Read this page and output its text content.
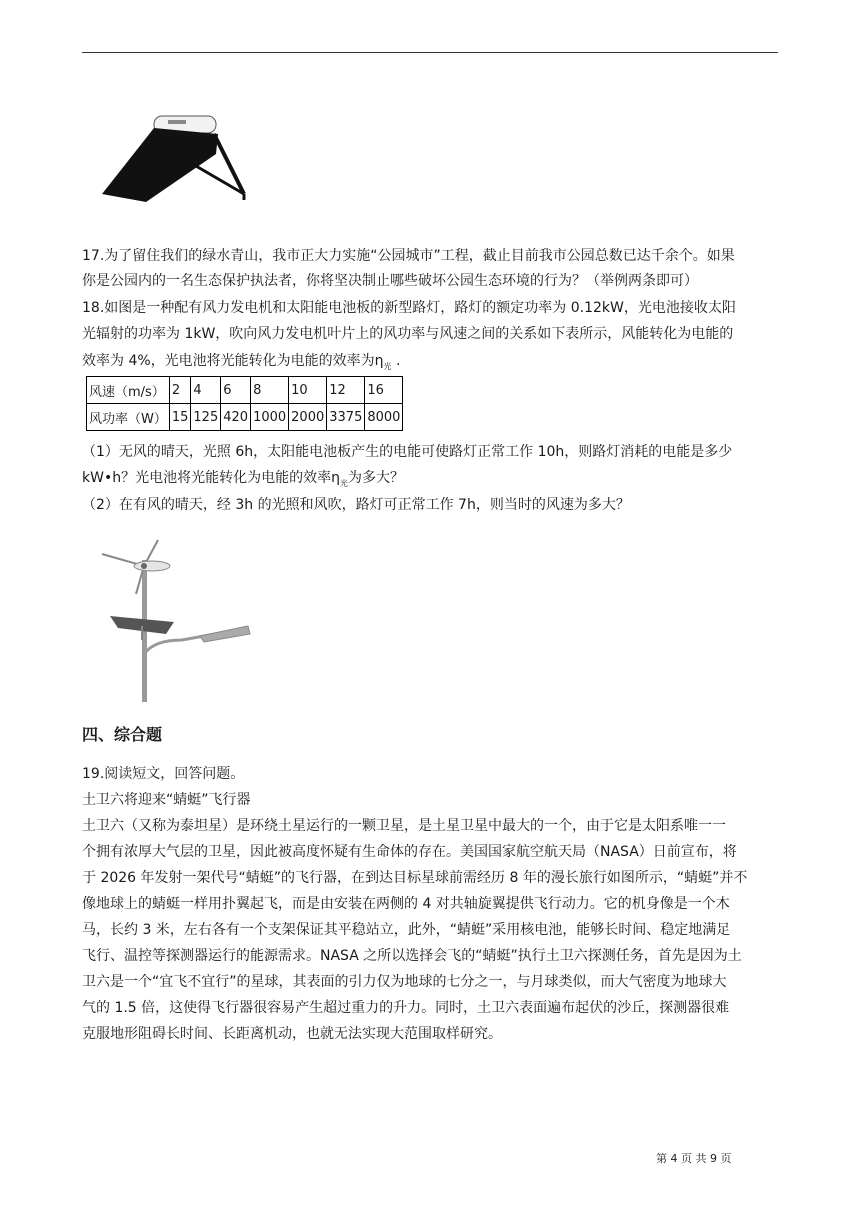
17.为了留住我们的绿水青山，我市正大力实施“公园城市”工程，截止目前我市公园总数已达千余个。如果

你是公园内的一名生态保护执法者，你将坚决制止哪些破坏公园生态环境的行为？（举例两条即可）

18.如图是一种配有风力发电机和太阳能电池板的新型路灯，路灯的额定功率为 0.12kW，光电池接收太阳

光辐射的功率为 1kW，吹向风力发电机叶片上的风功率与风速之间的关系如下表所示，风能转化为电能的

效率为 4%，光电池将光能转化为电能的效率为$\eta_光$ .

风速（m/s）	2	4	6	8	10	12	16
风功率（W）	15	125	420	1000	2000	3375	8000

（1）无风的晴天，光照 6h，太阳能电池板产生的电能可使路灯正常工作 10h，则路灯消耗的电能是多少

kW•h？光电池将光能转化为电能的效率$\eta_光$为多大？

（2）在有风的晴天，经 3h 的光照和风吹，路灯可正常工作 7h，则当时的风速为多大？

四、综合题

19.阅读短文，回答问题。

土卫六将迎来“蜻蜓”飞行器

土卫六（又称为泰坦星）是环绕土星运行的一颗卫星，是土星卫星中最大的一个，由于它是太阳系唯一一

个拥有浓厚大气层的卫星，因此被高度怀疑有生命体的存在。美国国家航空航天局（NASA）日前宣布，将

于 2026 年发射一架代号“蜻蜓”的飞行器，在到达目标星球前需经历 8 年的漫长旅行如图所示，“蜻蜓”并不

像地球上的蜻蜓一样用扑翼起飞，而是由安装在两侧的 4 对共轴旋翼提供飞行动力。它的机身像是一个木

马，长约 3 米，左右各有一个支架保证其平稳站立，此外，“蜻蜓”采用核电池，能够长时间、稳定地满足

飞行、温控等探测器运行的能源需求。NASA 之所以选择会飞的“蜻蜓”执行土卫六探测任务，首先是因为土

卫六是一个“宜飞不宜行”的星球，其表面的引力仅为地球的七分之一，与月球类似，而大气密度为地球大

气的 1.5 倍，这使得飞行器很容易产生超过重力的升力。同时，土卫六表面遍布起伏的沙丘，探测器很难

克服地形阻碍长时间、长距离机动，也就无法实现大范围取样研究。

第 4 页 共 9 页
